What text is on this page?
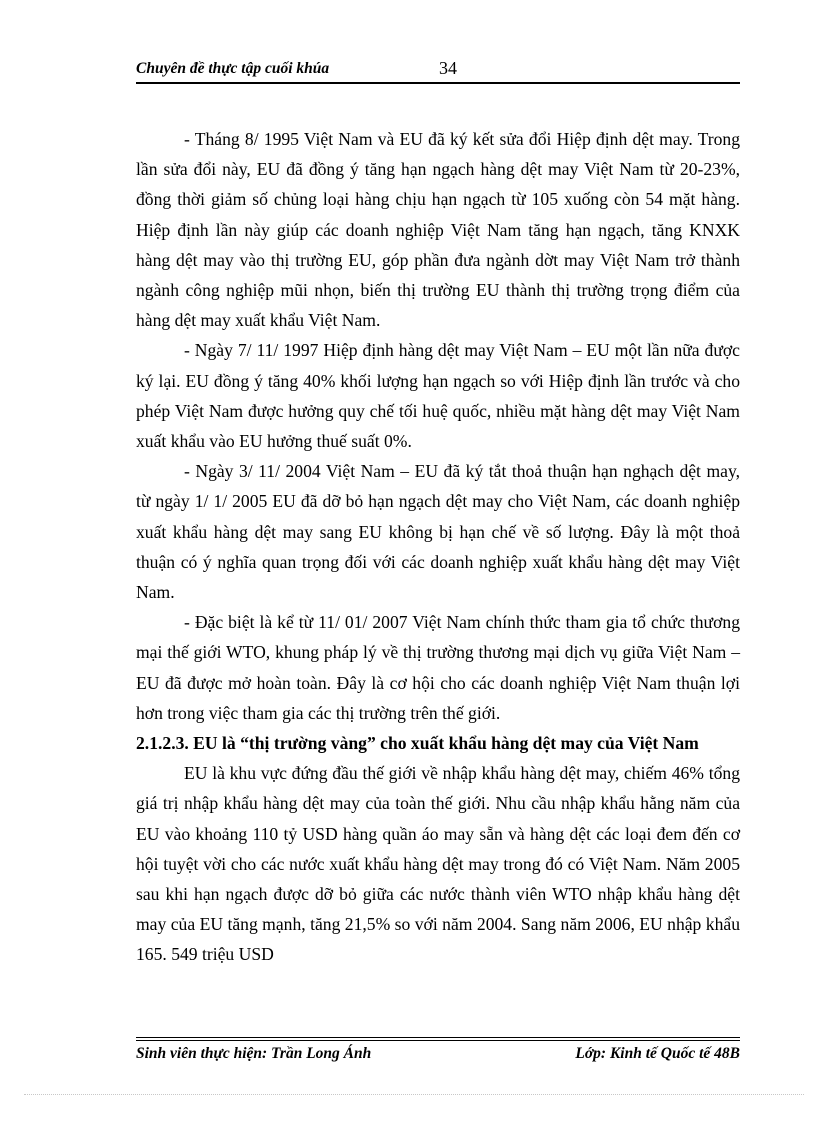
Chuyên đề thực tập cuối khúa	34

- Tháng 8/ 1995 Việt Nam và EU đã ký kết sửa đổi Hiệp định dệt may. Trong lần sửa đổi này, EU đã đồng ý tăng hạn ngạch hàng dệt may Việt Nam từ 20-23%, đồng thời giảm số chủng loại hàng chịu hạn ngạch từ 105 xuống còn 54 mặt hàng. Hiệp định lần này giúp các doanh nghiệp Việt Nam tăng hạn ngạch, tăng KNXK hàng dệt may vào thị trường EU, góp phần đưa ngành dờt may Việt Nam trở thành ngành công nghiệp mũi nhọn, biến thị trường EU thành thị trường trọng điểm của hàng dệt may xuất khẩu Việt Nam.

- Ngày 7/ 11/ 1997 Hiệp định hàng dệt may Việt Nam – EU một lần nữa được ký lại. EU đồng ý tăng 40% khối lượng hạn ngạch so với Hiệp định lần trước và cho phép Việt Nam được hưởng quy chế tối huệ quốc, nhiều mặt hàng dệt may Việt Nam xuất khẩu vào EU hưởng thuế suất 0%.

- Ngày 3/ 11/ 2004 Việt Nam – EU đã ký tắt thoả thuận hạn nghạch dệt may, từ ngày 1/ 1/ 2005 EU đã dỡ bỏ hạn ngạch dệt may cho Việt Nam, các doanh nghiệp xuất khẩu hàng dệt may sang EU không bị hạn chế về số lượng. Đây là một thoả thuận có ý nghĩa quan trọng đối với các doanh nghiệp xuất khẩu hàng dệt may Việt Nam.

- Đặc biệt là kể từ 11/ 01/ 2007 Việt Nam chính thức tham gia tổ chức thương mại thế giới WTO, khung pháp lý về thị trường thương mại dịch vụ giữa Việt Nam – EU đã được mở hoàn toàn. Đây là cơ hội cho các doanh nghiệp Việt Nam thuận lợi hơn trong việc tham gia các thị trường trên thế giới.

2.1.2.3. EU là “thị trường vàng” cho xuất khẩu hàng dệt may của Việt Nam

EU là khu vực đứng đầu thế giới về nhập khẩu hàng dệt may, chiếm 46% tổng giá trị nhập khẩu hàng dệt may của toàn thế giới. Nhu cầu nhập khẩu hằng năm của EU vào khoảng 110 tỷ USD hàng quần áo may sẵn và hàng dệt các loại đem đến cơ hội tuyệt vời cho các nước xuất khẩu hàng dệt may trong đó có Việt Nam. Năm 2005 sau khi hạn ngạch được dỡ bỏ giữa các nước thành viên WTO nhập khẩu hàng dệt may của EU tăng mạnh, tăng 21,5% so với năm 2004. Sang năm 2006, EU nhập khẩu 165. 549 triệu USD

Sinh viên thực hiện: Trần Long Ánh	Lớp: Kinh tế Quốc tế 48B
